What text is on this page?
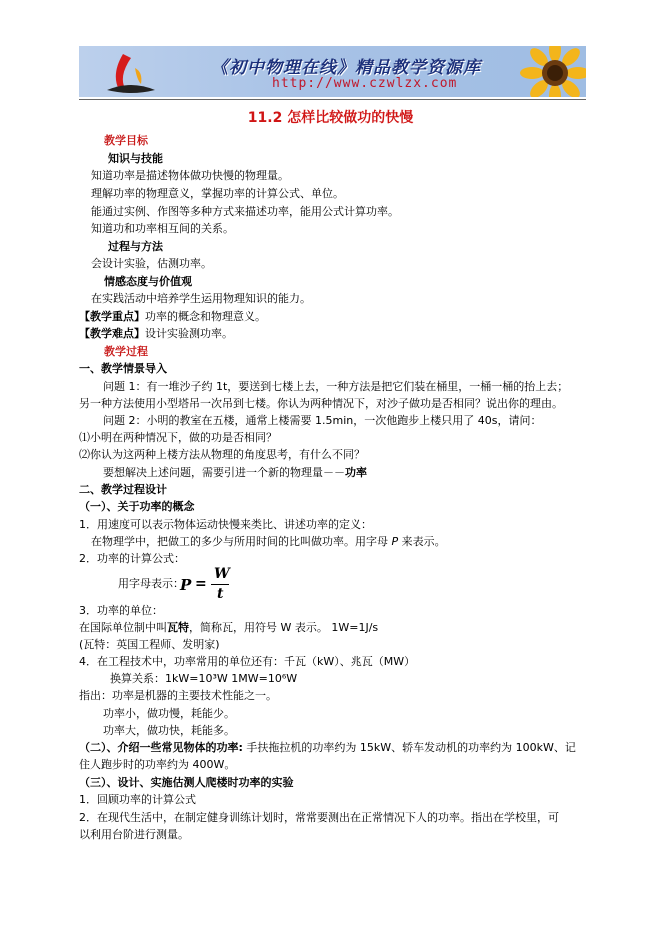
《初中物理在线》精品教学资源库
http://www.czwlzx.com
11.2 怎样比较做功的快慢
教学目标
知识与技能
知道功率是描述物体做功快慢的物理量。
理解功率的物理意义，掌握功率的计算公式、单位。
能通过实例、作图等多种方式来描述功率，能用公式计算功率。
知道功和功率相互间的关系。
过程与方法
会设计实验，估测功率。
情感态度与价值观
在实践活动中培养学生运用物理知识的能力。
【教学重点】功率的概念和物理意义。
【教学难点】设计实验测功率。
教学过程
一、教学情景导入
问题 1：有一堆沙子约 1t，要送到七楼上去，一种方法是把它们装在桶里，一桶一桶的抬上去；
另一种方法使用小型塔吊一次吊到七楼。你认为两种情况下，对沙子做功是否相同？说出你的理由。
问题 2：小明的教室在五楼，通常上楼需要 1.5min，一次他跑步上楼只用了 40s，请问：
⑴小明在两种情况下，做的功是否相同？
⑵你认为这两种上楼方法从物理的角度思考，有什么不同？
要想解决上述问题，需要引进一个新的物理量－－功率
二、教学过程设计
（一）、关于功率的概念
1．用速度可以表示物体运动快慢来类比、讲述功率的定义：
在物理学中，把做工的多少与所用时间的比叫做功率。用字母 P 来表示。
2．功率的计算公式：
用字母表示：
P =
W
t
3．功率的单位：
在国际单位制中叫瓦特，简称瓦，用符号 W 表示。 1W=1J/s
(瓦特：英国工程师、发明家)
4．在工程技术中，功率常用的单位还有：千瓦（kW）、兆瓦（MW）
换算关系：1kW=10³W 1MW=10⁶W
指出：功率是机器的主要技术性能之一。
功率小，做功慢，耗能少。
功率大，做功快，耗能多。
（二）、介绍一些常见物体的功率: 手扶拖拉机的功率约为 15kW、轿车发动机的功率约为 100kW、记
住人跑步时的功率约为 400W。
（三）、设计、实施估测人爬楼时功率的实验
1．回顾功率的计算公式
2．在现代生活中，在制定健身训练计划时，常常要测出在正常情况下人的功率。指出在学校里，可
以利用台阶进行测量。
